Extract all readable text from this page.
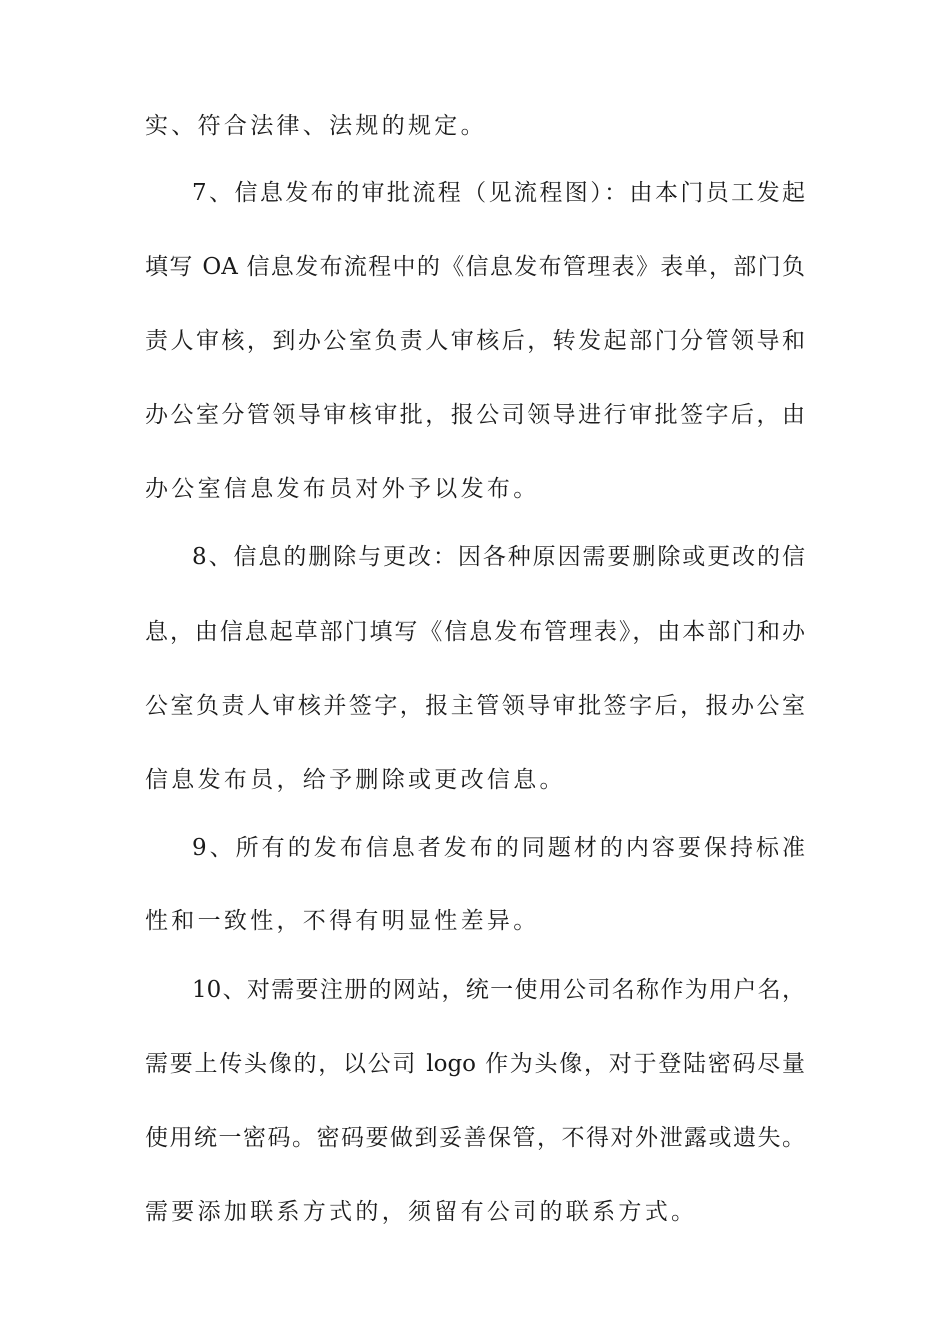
实、符合法律、法规的规定。
7、信息发布的审批流程（见流程图）：由本门员工发起
填写 OA 信息发布流程中的《信息发布管理表》表单，部门负
责人审核，到办公室负责人审核后，转发起部门分管领导和
办公室分管领导审核审批，报公司领导进行审批签字后，由
办公室信息发布员对外予以发布。
8、信息的删除与更改：因各种原因需要删除或更改的信
息，由信息起草部门填写《信息发布管理表》，由本部门和办
公室负责人审核并签字，报主管领导审批签字后，报办公室
信息发布员，给予删除或更改信息。
9、所有的发布信息者发布的同题材的内容要保持标准
性和一致性，不得有明显性差异。
10、对需要注册的网站，统一使用公司名称作为用户名，
需要上传头像的，以公司 logo 作为头像，对于登陆密码尽量
使用统一密码。密码要做到妥善保管，不得对外泄露或遗失。
需要添加联系方式的，须留有公司的联系方式。
